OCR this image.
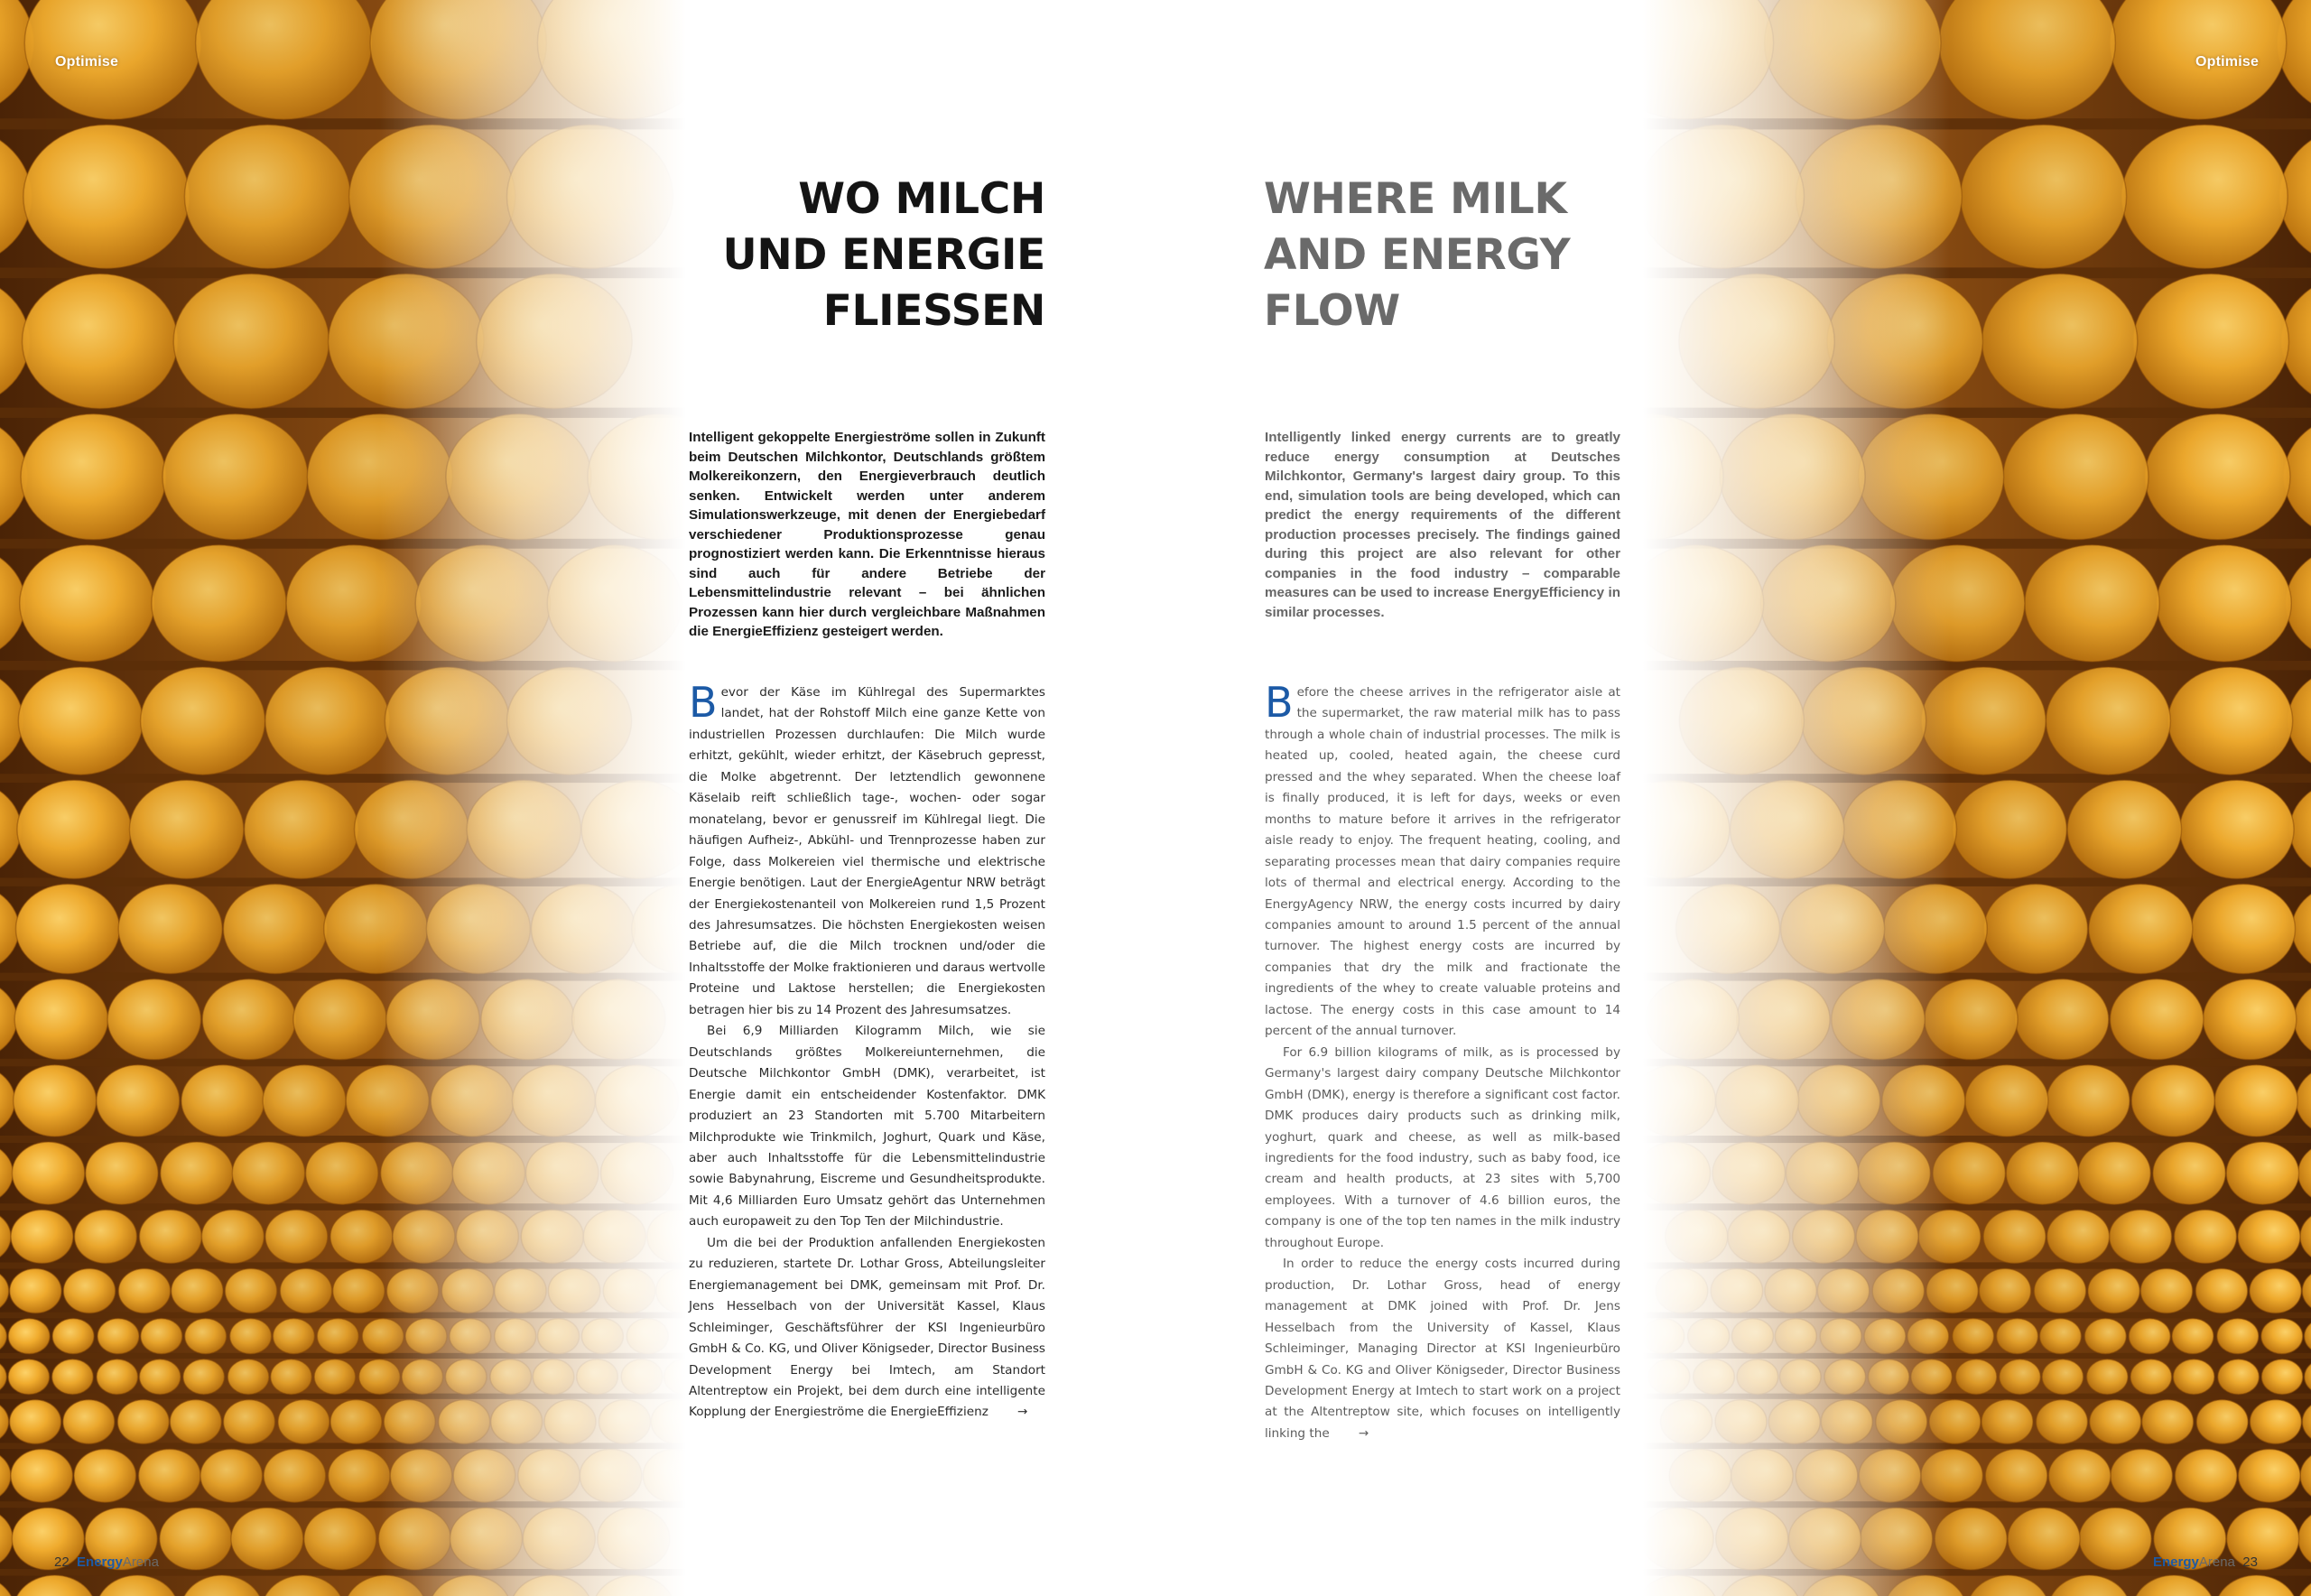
Optimise	Optimise
WO MILCH
UND ENERGIE
FLIESSEN
WHERE MILK
AND ENERGY
FLOW

Intelligent gekoppelte Energieströme sollen in Zukunft beim Deutschen Milchkontor, Deutschlands größtem Molkereikonzern, den Energieverbrauch deutlich senken. Entwickelt werden unter anderem Simulationswerkzeuge, mit denen der Energiebedarf verschiedener Produktionsprozesse genau prognostiziert werden kann. Die Erkenntnisse hieraus sind auch für andere Betriebe der Lebensmittelindustrie relevant – bei ähnlichen Prozessen kann hier durch vergleichbare Maßnahmen die EnergieEffizienz gesteigert werden.

Intelligently linked energy currents are to greatly reduce energy consumption at Deutsches Milchkontor, Germany's largest dairy group. To this end, simulation tools are being developed, which can predict the energy requirements of the different production processes precisely. The findings gained during this project are also relevant for other companies in the food industry – comparable measures can be used to increase EnergyEfficiency in similar processes.

Bevor der Käse im Kühlregal des Supermarktes landet, hat der Rohstoff Milch eine ganze Kette von industriellen Prozessen durchlaufen: Die Milch wurde erhitzt, gekühlt, wieder erhitzt, der Käsebruch gepresst, die Molke abgetrennt. Der letztendlich gewonnene Käselaib reift schließlich tage-, wochen- oder sogar monatelang, bevor er genussreif im Kühlregal liegt. Die häufigen Aufheiz-, Abkühl- und Trennprozesse haben zur Folge, dass Molkereien viel thermische und elektrische Energie benötigen. Laut der EnergieAgentur NRW beträgt der Energiekostenanteil von Molkereien rund 1,5 Prozent des Jahresumsatzes. Die höchsten Energiekosten weisen Betriebe auf, die die Milch trocknen und/oder die Inhaltsstoffe der Molke fraktionieren und daraus wertvolle Proteine und Laktose herstellen; die Energiekosten betragen hier bis zu 14 Prozent des Jahresumsatzes.

Bei 6,9 Milliarden Kilogramm Milch, wie sie Deutschlands größtes Molkereiunternehmen, die Deutsche Milchkontor GmbH (DMK), verarbeitet, ist Energie damit ein entscheidender Kostenfaktor. DMK produziert an 23 Standorten mit 5.700 Mitarbeitern Milchprodukte wie Trinkmilch, Joghurt, Quark und Käse, aber auch Inhaltsstoffe für die Lebensmittelindustrie sowie Babynahrung, Eiscreme und Gesundheitsprodukte. Mit 4,6 Milliarden Euro Umsatz gehört das Unternehmen auch europaweit zu den Top Ten der Milchindustrie.

Um die bei der Produktion anfallenden Energiekosten zu reduzieren, startete Dr. Lothar Gross, Abteilungsleiter Energiemanagement bei DMK, gemeinsam mit Prof. Dr. Jens Hesselbach von der Universität Kassel, Klaus Schleiminger, Geschäftsführer der KSI Ingenieurbüro GmbH & Co. KG, und Oliver Königseder, Director Business Development Energy bei Imtech, am Standort Altentreptow ein Projekt, bei dem durch eine intelligente Kopplung der Energieströme die EnergieEffizienz →

Before the cheese arrives in the refrigerator aisle at the supermarket, the raw material milk has to pass through a whole chain of industrial processes. The milk is heated up, cooled, heated again, the cheese curd pressed and the whey separated. When the cheese loaf is finally produced, it is left for days, weeks or even months to mature before it arrives in the refrigerator aisle ready to enjoy. The frequent heating, cooling, and separating processes mean that dairy companies require lots of thermal and electrical energy. According to the EnergyAgency NRW, the energy costs incurred by dairy companies amount to around 1.5 percent of the annual turnover. The highest energy costs are incurred by companies that dry the milk and fractionate the ingredients of the whey to create valuable proteins and lactose. The energy costs in this case amount to 14 percent of the annual turnover.

For 6.9 billion kilograms of milk, as is processed by Germany's largest dairy company Deutsche Milchkontor GmbH (DMK), energy is therefore a significant cost factor. DMK produces dairy products such as drinking milk, yoghurt, quark and cheese, as well as milk-based ingredients for the food industry, such as baby food, ice cream and health products, at 23 sites with 5,700 employees. With a turnover of 4.6 billion euros, the company is one of the top ten names in the milk industry throughout Europe.

In order to reduce the energy costs incurred during production, Dr. Lothar Gross, head of energy management at DMK joined with Prof. Dr. Jens Hesselbach from the University of Kassel, Klaus Schleiminger, Managing Director at KSI Ingenieurbüro GmbH & Co. KG and Oliver Königseder, Director Business Development Energy at Imtech to start work on a project at the Altentreptow site, which focuses on intelligently linking the →

22 EnergyArena	EnergyArena 23
